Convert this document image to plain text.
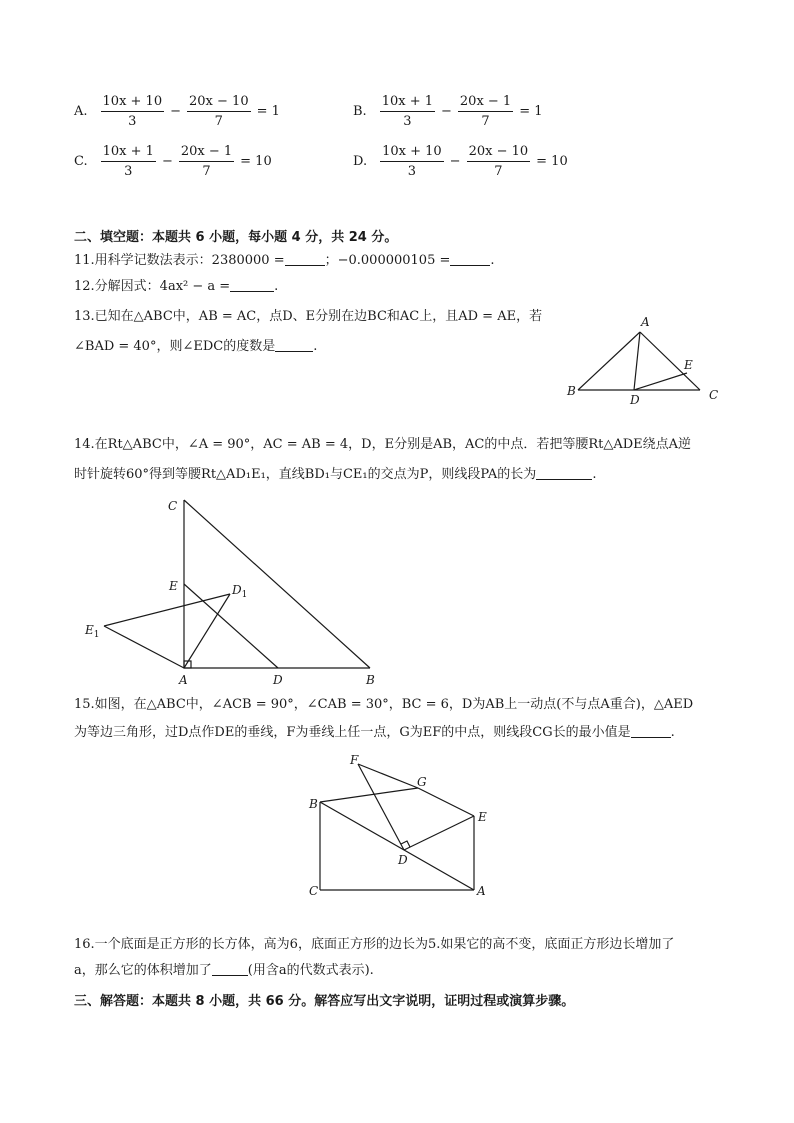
A. $\frac{10x + 10}{3} - \frac{20x - 10}{7} = 1$	B. $\frac{10x + 1}{3} - \frac{20x - 1}{7} = 1$
C. $\frac{10x + 1}{3} - \frac{20x - 1}{7} = 10$	D. $\frac{10x + 10}{3} - \frac{20x - 10}{7} = 10$
二、填空题：本题共 6 小题，每小题 4 分，共 24 分。
11.用科学记数法表示：2380000 =	；−0.000000105 =	.
12.分解因式：4ax² − a =	.
13.已知在△ABC中，AB = AC，点D、E分别在边BC和AC上，且AD = AE，若
∠BAD = 40°，则∠EDC的度数是	.
A
B	C
D
E
14.在Rt△ABC中，∠A = 90°，AC = AB = 4，D，E分别是AB，AC的中点．若把等腰Rt△ADE绕点A逆
时针旋转60°得到等腰Rt△AD₁E₁，直线BD₁与CE₁的交点为P，则线段PA的长为	.
C
E	$D_1$
$E_1$
A	D	B
15.如图，在△ABC中，∠ACB = 90°，∠CAB = 30°，BC = 6，D为AB上一动点(不与点A重合)，△AED
为等边三角形，过D点作DE的垂线，F为垂线上任一点，G为EF的中点，则线段CG长的最小值是	.
F
G
B
E
D
C	A
16.一个底面是正方形的长方体，高为6，底面正方形的边长为5.如果它的高不变，底面正方形边长增加了
a，那么它的体积增加了	(用含a的代数式表示).
三、解答题：本题共 8 小题，共 66 分。解答应写出文字说明，证明过程或演算步骤。
